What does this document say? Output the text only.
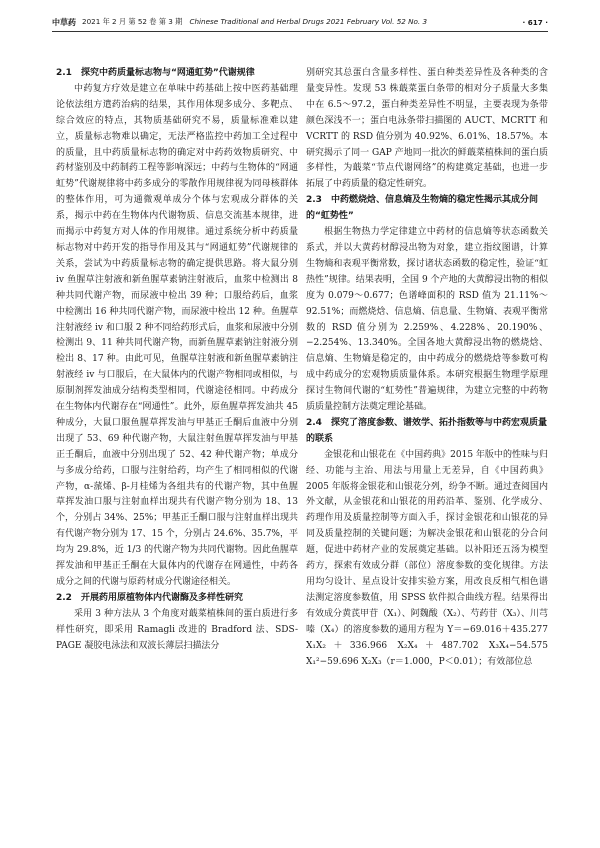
中草药 2021 年 2 月 第 52 卷 第 3 期　 Chinese Traditional and Herbal Drugs 2021 February Vol. 52 No. 3	· 617 ·
2.1　探究中药质量标志物与“网通虹势”代谢规律

中药复方疗效是建立在单味中药基础上按中医药基础理论依法组方遣药治病的结果，其作用体现多成分、多靶点、综合效应的特点，其物质基础研究不易，质量标准难以建立，质量标志物难以确定，无法严格监控中药加工全过程中的质量，且中药质量标志物的确定对中药药效物质研究、中药材鉴别及中药制药工程等影响深远；中药与生物体的“网通虹势”代谢规律将中药多成分的零散作用规律视为同母核群体的整体作用，可为通微观单成分个体与宏观成分群体的关系，揭示中药在生物体内代谢物质、信息交流基本规律，进而揭示中药复方对人体的作用规律。通过系统分析中药质量标志物对中药开发的指导作用及其与“网通虹势”代谢规律的关系，尝试为中药质量标志物的确定提供思路。将大鼠分别 iv 鱼腥草注射液和新鱼腥草素钠注射液后，血浆中检测出 8 种共同代谢产物，而尿液中检出 39 种；口服给药后，血浆中检测出 16 种共同代谢产物，而尿液中检出 12 种。鱼腥草注射液经 iv 和口服 2 种不同给药形式后，血浆和尿液中分别检测出 9、11 种共同代谢产物，而新鱼腥草素钠注射液分别检出 8、17 种。由此可见，鱼腥草注射液和新鱼腥草素钠注射液经 iv 与口服后，在大鼠体内的代谢产物相同或相似，与原制剂挥发油成分结构类型相同，代谢途径相同。中药成分在生物体内代谢存在“网通性”。此外，原鱼腥草挥发油共 45 种成分，大鼠口服鱼腥草挥发油与甲基正壬酮后血液中分别出现了 53、69 种代谢产物，大鼠注射鱼腥草挥发油与甲基正壬酮后，血液中分别出现了 52、42 种代谢产物；单成分与多成分给药，口服与注射给药，均产生了相同相似的代谢产物，α-蒎烯、β-月桂烯为各组共有的代谢产物，其中鱼腥草挥发油口服与注射血样出现共有代谢产物分别为 18、13 个，分别占 34%、25%；甲基正壬酮口服与注射血样出现共有代谢产物分别为 17、15 个，分别占 24.6%、35.7%，平均为 29.8%，近 1/3 的代谢产物为共同代谢物。因此鱼腥草挥发油和甲基正壬酮在大鼠体内的代谢存在网通性，中药各成分之间的代谢与原药材成分代谢途径相关。

2.2　开展药用原植物体内代谢酶及多样性研究

采用 3 种方法从 3 个角度对蕺菜植株间的蛋白质进行多样性研究，即采用 Ramagli 改进的 Bradford 法、SDS-PAGE 凝胶电泳法和双波长薄层扫描法分

别研究其总蛋白含量多样性、蛋白种类差异性及各种类的含量变异性。发现 53 株蕺菜蛋白条带的相对分子质量大多集中在 6.5～97.2，蛋白种类差异性不明显，主要表现为条带颜色深浅不一；蛋白电泳条带扫描图的 AUCT、MCRTT 和 VCRTT 的 RSD 值分别为 40.92%、6.01%、18.57%。本研究揭示了同一 GAP 产地同一批次的鲜蕺菜植株间的蛋白质多样性，为蕺菜“节点代谢网络”的构建奠定基础，也进一步拓展了中药质量的稳定性研究。

2.3　中药燃烧焓、信息熵及生物熵的稳定性揭示其成分间的“虹势性”

根据生物热力学定律建立中药材的信息熵等状态函数关系式，并以大黄药材醇浸出物为对象，建立指纹图谱，计算生物熵和表观平衡常数，探讨诸状态函数的稳定性，验证“虹热性”规律。结果表明，全国 9 个产地的大黄醇浸出物的相似度为 0.079～0.677；色谱峰面积的 RSD 值为 21.11%～92.51%；而燃烧焓、信息熵、信息量、生物熵、表观平衡常数的 RSD 值分别为 2.259%、4.228%、20.190%、−2.254%、13.340%。全国各地大黄醇浸出物的燃烧焓、信息熵、生物熵是稳定的，由中药成分的燃烧焓等参数可构成中药成分的宏观物质质量体系。本研究根据生物理学原理探讨生物间代谢的“虹势性”普遍规律，为建立完整的中药物质质量控制方法奠定理论基础。

2.4　探究了溶度参数、谱效学、拓扑指数等与中药宏观质量的联系

金银花和山银花在《中国药典》2015 年版中的性味与归经、功能与主治、用法与用量上无差异，自《中国药典》2005 年版将金银花和山银花分列，纷争不断。通过查阅国内外文献，从金银花和山银花的用药沿革、鉴别、化学成分、药理作用及质量控制等方面入手，探讨金银花和山银花的异同及质量控制的关键问题；为解决金银花和山银花的分合问题，促进中药材产业的发展奠定基础。以补阳还五汤为模型药方，探索有效成分群（部位）溶度参数的变化规律。方法用均匀设计、星点设计安排实验方案，用改良反相气相色谱法测定溶度参数值，用 SPSS 软件拟合曲线方程。结果得出有效成分黄芪甲苷（X₁）、阿魏酸（X₂）、芍药苷（X₃）、川芎嗪（X₄）的溶度参数的通用方程为 Y＝−69.016＋435.277 X₁X₂＋336.966 X₂X₄＋487.702 X₃X₄−54.575 X₁²−59.696 X₂X₃（r＝1.000，P＜0.01）；有效部位总
